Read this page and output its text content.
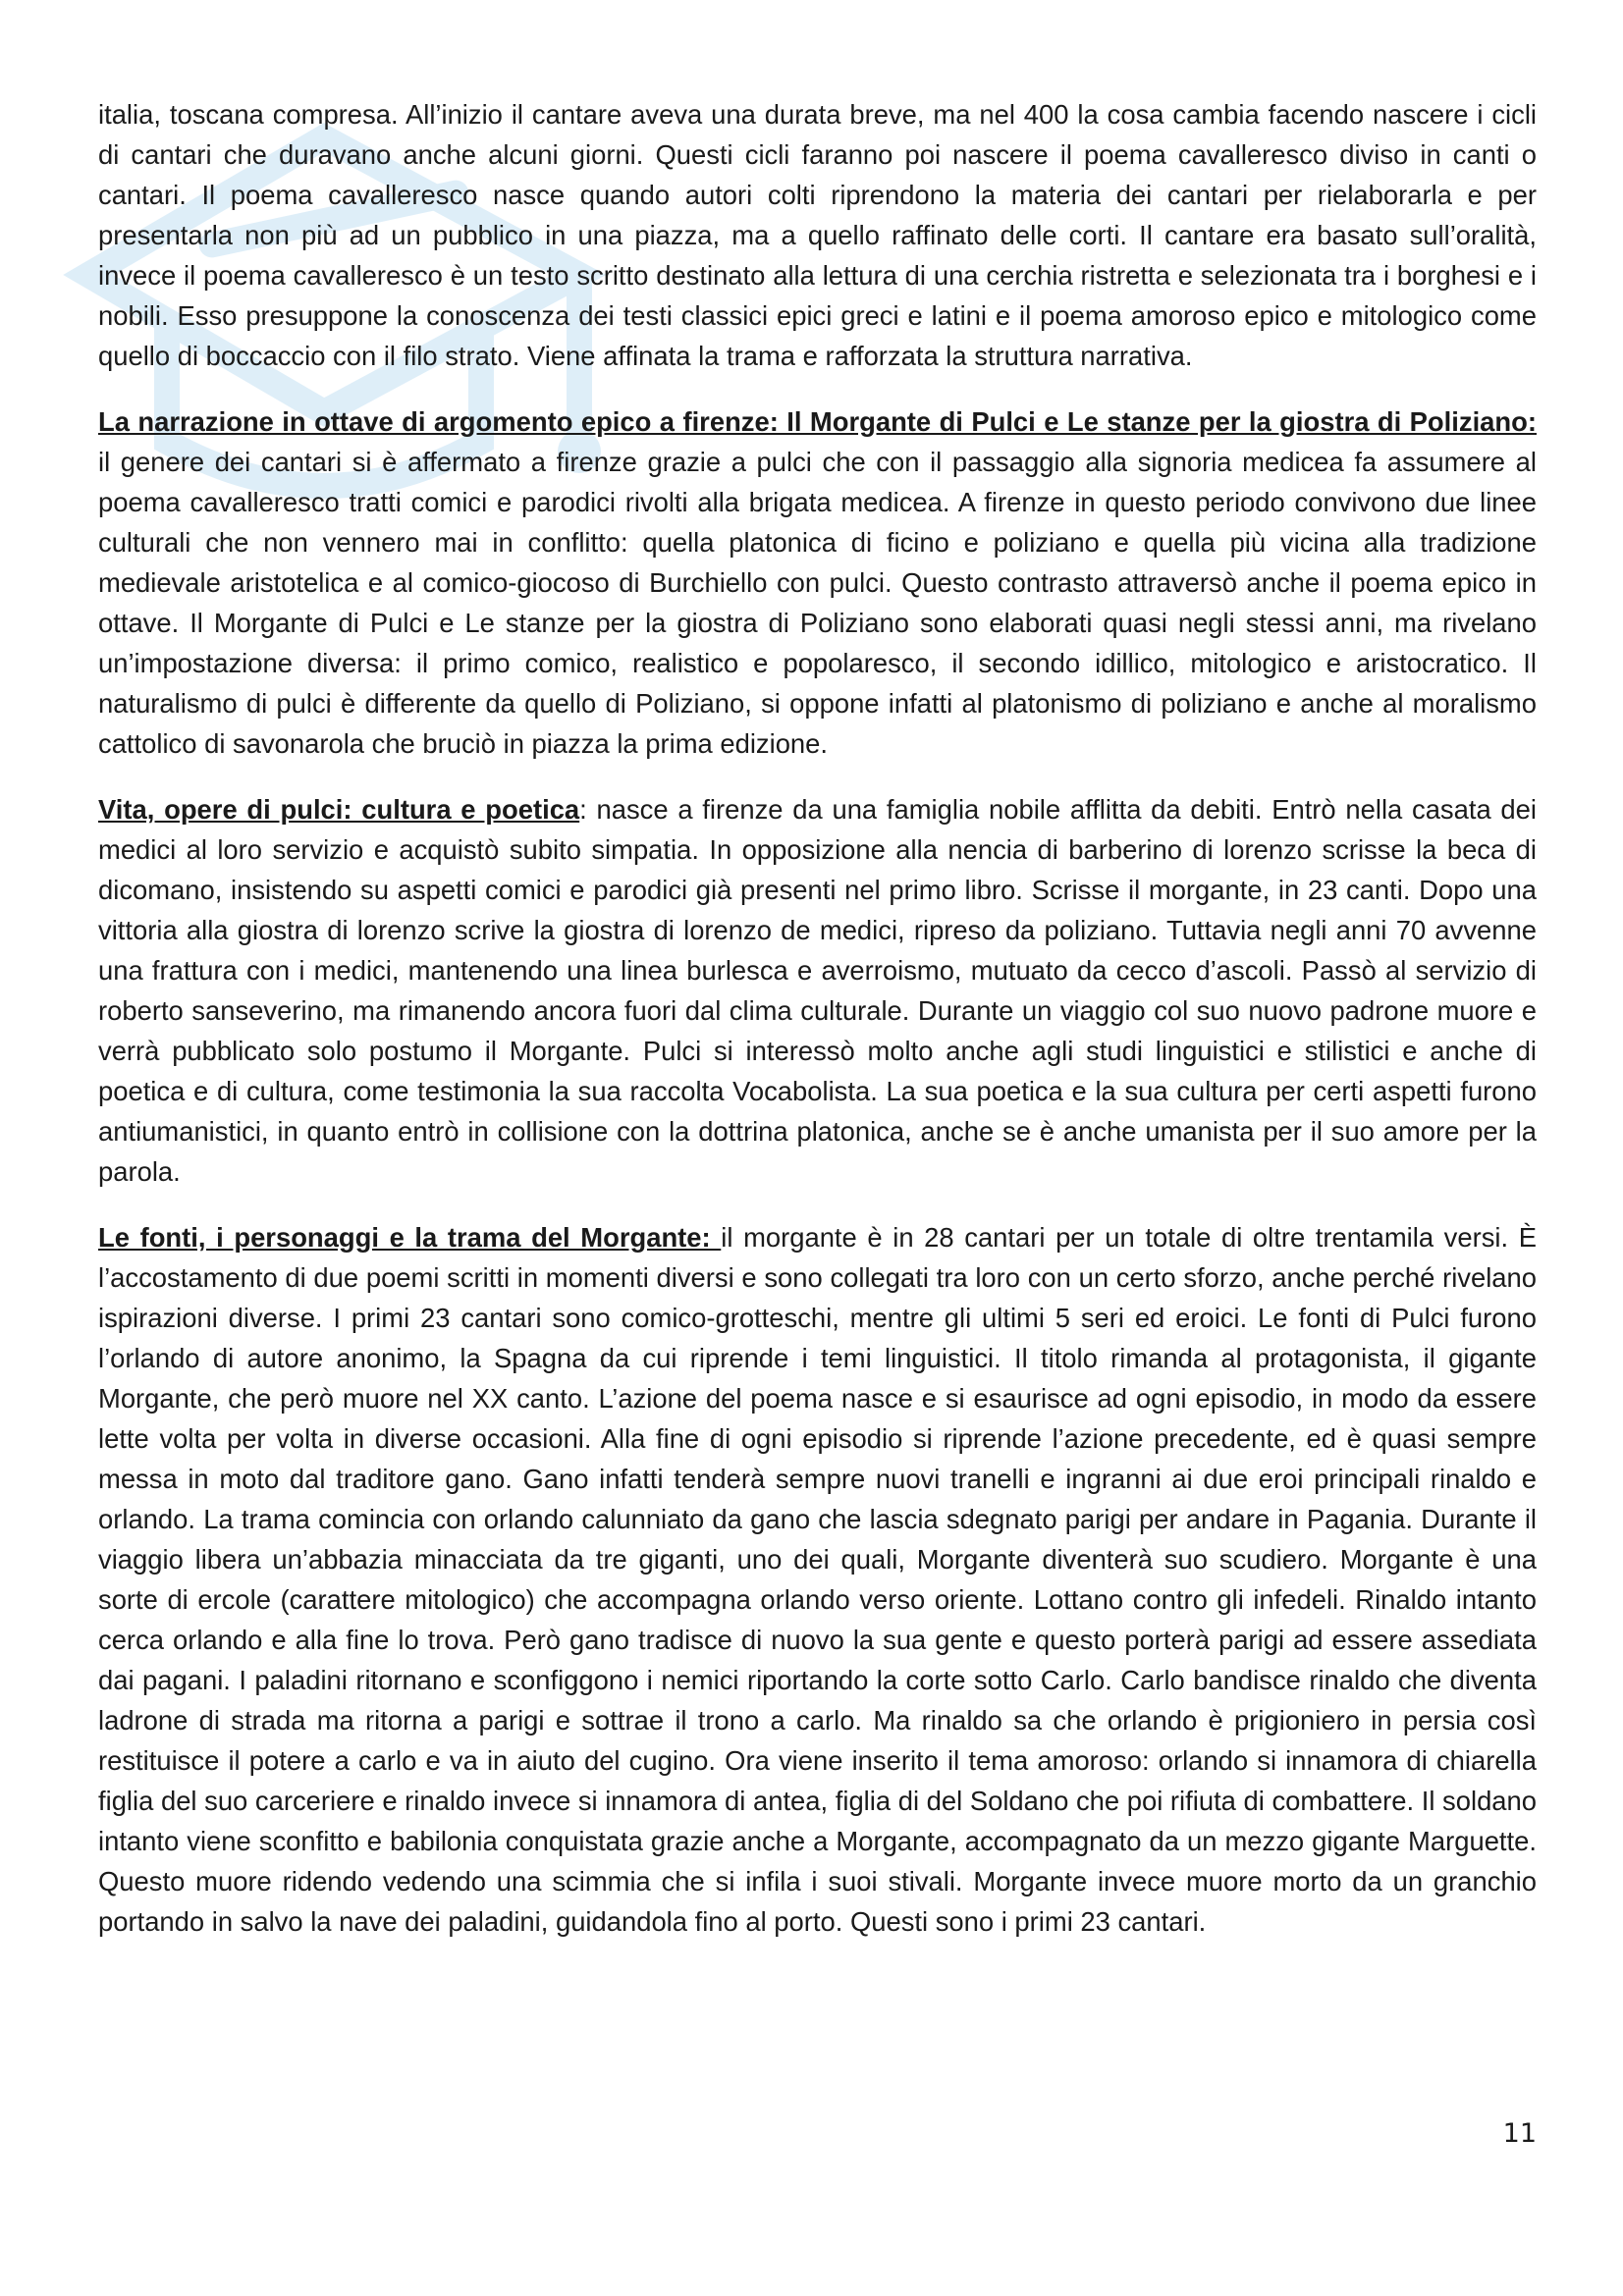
italia, toscana compresa. All’inizio il cantare aveva una durata breve, ma nel 400 la cosa cambia facendo nascere i cicli di cantari che duravano anche alcuni giorni. Questi cicli faranno poi nascere il poema cavalleresco diviso in canti o cantari. Il poema cavalleresco nasce quando autori colti riprendono la materia dei cantari per rielaborarla e per presentarla non più ad un pubblico in una piazza, ma a quello raffinato delle corti. Il cantare era basato sull’oralità, invece il poema cavalleresco è un testo scritto destinato alla lettura di una cerchia ristretta e selezionata tra i borghesi e i nobili. Esso presuppone la conoscenza dei testi classici epici greci e latini e il poema amoroso epico e mitologico come quello di boccaccio con il filo strato. Viene affinata la trama e rafforzata la struttura narrativa.

La narrazione in ottave di argomento epico a firenze: Il Morgante di Pulci e Le stanze per la giostra di Poliziano: il genere dei cantari si è affermato a firenze grazie a pulci che con il passaggio alla signoria medicea fa assumere al poema cavalleresco tratti comici e parodici rivolti alla brigata medicea. A firenze in questo periodo convivono due linee culturali che non vennero mai in conflitto: quella platonica di ficino e poliziano e quella più vicina alla tradizione medievale aristotelica e al comico-giocoso di Burchiello con pulci. Questo contrasto attraversò anche il poema epico in ottave. Il Morgante di Pulci e Le stanze per la giostra di Poliziano sono elaborati quasi negli stessi anni, ma rivelano un’impostazione diversa: il primo comico, realistico e popolaresco, il secondo idillico, mitologico e aristocratico. Il naturalismo di pulci è differente da quello di Poliziano, si oppone infatti al platonismo di poliziano e anche al moralismo cattolico di savonarola che bruciò in piazza la prima edizione.

Vita, opere di pulci: cultura e poetica: nasce a firenze da una famiglia nobile afflitta da debiti. Entrò nella casata dei medici al loro servizio e acquistò subito simpatia. In opposizione alla nencia di barberino di lorenzo scrisse la beca di dicomano, insistendo su aspetti comici e parodici già presenti nel primo libro. Scrisse il morgante, in 23 canti. Dopo una vittoria alla giostra di lorenzo scrive la giostra di lorenzo de medici, ripreso da poliziano. Tuttavia negli anni 70 avvenne una frattura con i medici, mantenendo una linea burlesca e averroismo, mutuato da cecco d’ascoli. Passò al servizio di roberto sanseverino, ma rimanendo ancora fuori dal clima culturale. Durante un viaggio col suo nuovo padrone muore e verrà pubblicato solo postumo il Morgante. Pulci si interessò molto anche agli studi linguistici e stilistici e anche di poetica e di cultura, come testimonia la sua raccolta Vocabolista. La sua poetica e la sua cultura per certi aspetti furono antiumanistici, in quanto entrò in collisione con la dottrina platonica, anche se è anche umanista per il suo amore per la parola.

Le fonti, i personaggi e la trama del Morgante: il morgante è in 28 cantari per un totale di oltre trentamila versi. È l’accostamento di due poemi scritti in momenti diversi e sono collegati tra loro con un certo sforzo, anche perché rivelano ispirazioni diverse. I primi 23 cantari sono comico-grotteschi, mentre gli ultimi 5 seri ed eroici. Le fonti di Pulci furono l’orlando di autore anonimo, la Spagna da cui riprende i temi linguistici. Il titolo rimanda al protagonista, il gigante Morgante, che però muore nel XX canto. L’azione del poema nasce e si esaurisce ad ogni episodio, in modo da essere lette volta per volta in diverse occasioni. Alla fine di ogni episodio si riprende l’azione precedente, ed è quasi sempre messa in moto dal traditore gano. Gano infatti tenderà sempre nuovi tranelli e ingranni ai due eroi principali rinaldo e orlando. La trama comincia con orlando calunniato da gano che lascia sdegnato parigi per andare in Pagania. Durante il viaggio libera un’abbazia minacciata da tre giganti, uno dei quali, Morgante diventerà suo scudiero. Morgante è una sorte di ercole (carattere mitologico) che accompagna orlando verso oriente. Lottano contro gli infedeli. Rinaldo intanto cerca orlando e alla fine lo trova. Però gano tradisce di nuovo la sua gente e questo porterà parigi ad essere assediata dai pagani. I paladini ritornano e sconfiggono i nemici riportando la corte sotto Carlo. Carlo bandisce rinaldo che diventa ladrone di strada ma ritorna a parigi e sottrae il trono a carlo. Ma rinaldo sa che orlando è prigioniero in persia così restituisce il potere a carlo e va in aiuto del cugino. Ora viene inserito il tema amoroso: orlando si innamora di chiarella figlia del suo carceriere e rinaldo invece si innamora di antea, figlia di del Soldano che poi rifiuta di combattere. Il soldano intanto viene sconfitto e babilonia conquistata grazie anche a Morgante, accompagnato da un mezzo gigante Marguette. Questo muore ridendo vedendo una scimmia che si infila i suoi stivali. Morgante invece muore morto da un granchio portando in salvo la nave dei paladini, guidandola fino al porto. Questi sono i primi 23 cantari.

11
